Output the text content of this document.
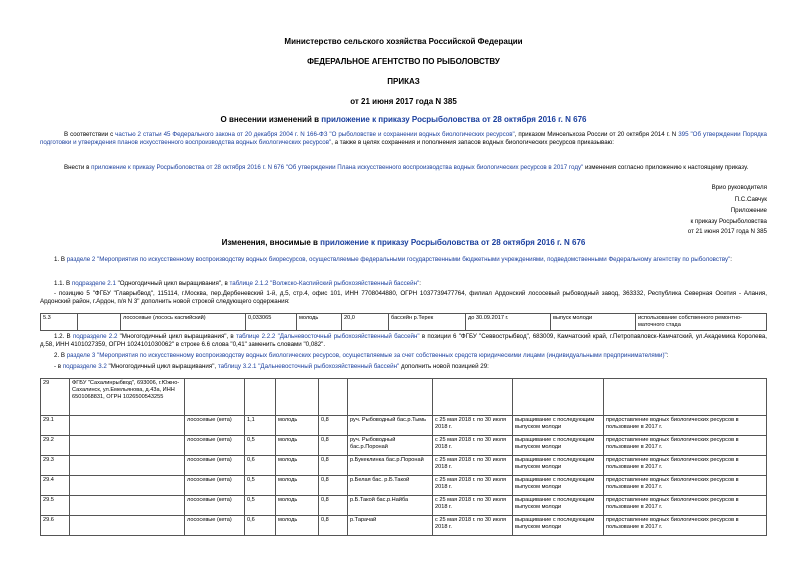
Министерство сельского хозяйства Российской Федерации
ФЕДЕРАЛЬНОЕ АГЕНТСТВО ПО РЫБОЛОВСТВУ
ПРИКАЗ
от 21 июня 2017 года N 385
О внесении изменений в приложение к приказу Росрыболовства от 28 октября 2016 г. N 676
В соответствии с частью 2 статьи 45 Федерального закона от 20 декабря 2004 г. N 166-ФЗ "О рыболовстве и сохранении водных биологических ресурсов", приказом Минсельхоза России от 20 октября 2014 г. N 395 "Об утверждении Порядка подготовки и утверждения планов искусственного воспроизводства водных биологических ресурсов", а также в целях сохранения и пополнения запасов водных биологических ресурсов приказываю:
Внести в приложение к приказу Росрыболовства от 28 октября 2016 г. N 676 "Об утверждении Плана искусственного воспроизводства водных биологических ресурсов в 2017 году" изменения согласно приложению к настоящему приказу.
Врио руководителя
П.С.Савчук
Приложение
к приказу Росрыболовства
от 21 июня 2017 года N 385
Изменения, вносимые в приложение к приказу Росрыболовства от 28 октября 2016 г. N 676
1. В разделе 2 "Мероприятия по искусственному воспроизводству водных биоресурсов, осуществляемые федеральными государственными бюджетными учреждениями, подведомственными Федеральному агентству по рыболовству":
1.1. В подразделе 2.1 "Одногодичный цикл выращивания", в таблице 2.1.2 "Волжско-Каспийский рыбохозяйственный бассейн":
- позицию 5 "ФГБУ "Главрыбвод", 115114, г.Москва, пер.Дербеневский 1-й, д.5, стр.4, офис 101, ИНН 7708044880, ОГРН 1037739477764, филиал Ардонский лососевый рыбоводный завод, 363332, Республика Северная Осетия - Алания, Ардонский район, г.Ардон, п/я N 3" дополнить новой строкой следующего содержания:
5.3		лососевые (лосось каспийский)	0,033065	молодь	20,0	бассейн р.Терек	до 30.09.2017 г.	выпуск молоди	использование собственного ремонтно-маточного стада
1.2. В подразделе 2.2 "Многогодичный цикл выращивания", в таблице 2.2.2 "Дальневосточный рыбохозяйственный бассейн" в позиции 6 "ФГБУ "Севвострыбвод", 683009, Камчатский край, г.Петропавловск-Камчатский, ул.Академика Королева, д.58, ИНН 4101027359, ОГРН 1024101030062" в строке 6.6 слова "0,41" заменить словами "0,082".
2. В разделе 3 "Мероприятия по искусственному воспроизводству водных биологических ресурсов, осуществляемые за счет собственных средств юридическими лицами (индивидуальными предпринимателями)":
- в подразделе 3.2 "Многогодичный цикл выращивания", таблицу 3.2.1 "Дальневосточный рыбохозяйственный бассейн" дополнить новой позицией 29:
29	ФГБУ "Сахалинрыбвод", 693006, г.Южно-Сахалинск, ул.Емельянова, д.43а, ИНН 6501068831, ОГРН 1026500543255								
29.1		лососевые (кета)	1,1	молодь	0,8	руч. Рыбоводный бас.р.Тымь	с 25 мая 2018 г. по 30 июля 2018 г.	выращивание с последующим выпуском молоди	предоставление водных биологических ресурсов в пользование в 2017 г.
29.2		лососевые (кета)	0,5	молодь	0,8	руч. Рыбоводный бас.р.Поронай	с 25 мая 2018 г. по 30 июля 2018 г.	выращивание с последующим выпуском молоди	предоставление водных биологических ресурсов в пользование в 2017 г.
29.3		лососевые (кета)	0,6	молодь	0,8	р.Букеклинка бас.р.Поронай	с 25 мая 2018 г. по 30 июля 2018 г.	выращивание с последующим выпуском молоди	предоставление водных биологических ресурсов в пользование в 2017 г.
29.4		лососевые (кета)	0,5	молодь	0,8	р.Белая бас. р.Б.Такой	с 25 мая 2018 г. по 30 июля 2018 г.	выращивание с последующим выпуском молоди	предоставление водных биологических ресурсов в пользование в 2017 г.
29.5		лососевые (кета)	0,5	молодь	0,8	р.Б.Такой бас.р.Найба	с 25 мая 2018 г. по 30 июля 2018 г.	выращивание с последующим выпуском молоди	предоставление водных биологических ресурсов в пользование в 2017 г.
29.6		лососевые (кета)	0,6	молодь	0,8	р.Тарачай	с 25 мая 2018 г. по 30 июля 2018 г.	выращивание с последующим выпуском молоди	предоставление водных биологических ресурсов в пользование в 2017 г.
